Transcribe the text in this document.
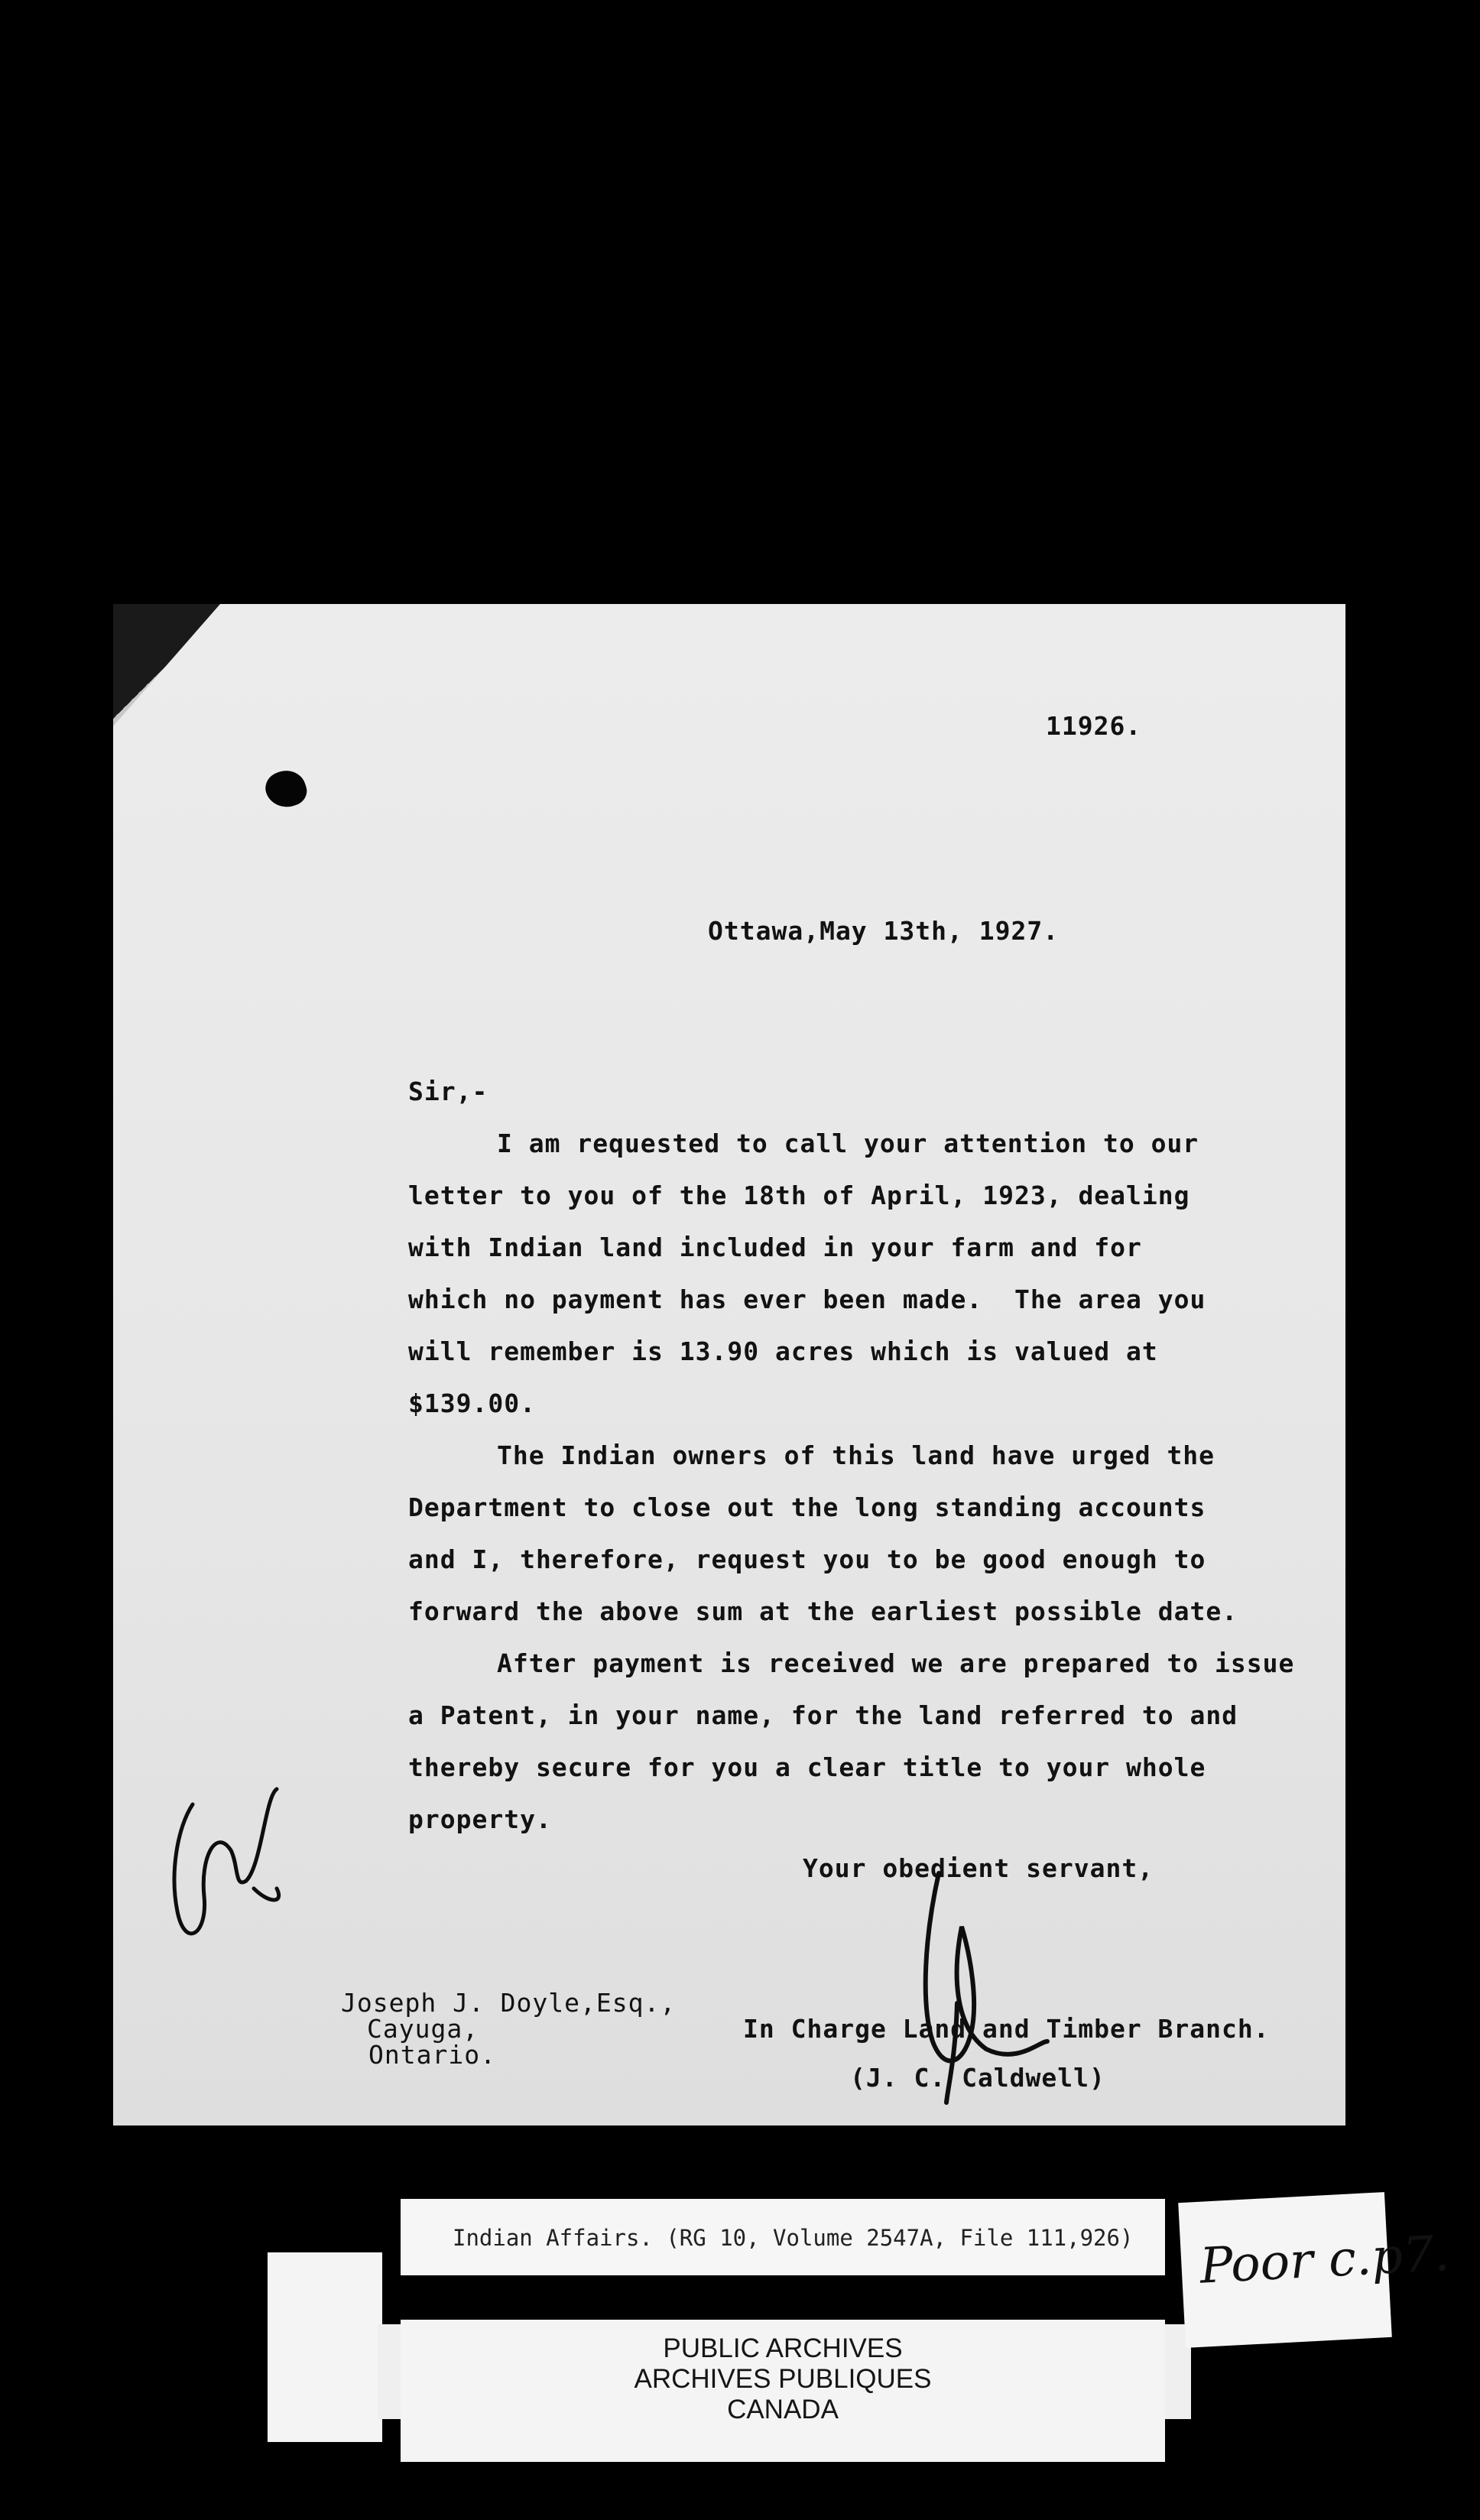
11926.
Ottawa,May 13th, 1927.
Sir,-
I am requested to call your attention to our
letter to you of the 18th of April, 1923, dealing
with Indian land included in your farm and for
which no payment has ever been made.  The area you
will remember is 13.90 acres which is valued at
$139.00.
The Indian owners of this land have urged the
Department to close out the long standing accounts
and I, therefore, request you to be good enough to
forward the above sum at the earliest possible date.
After payment is received we are prepared to issue
a Patent, in your name, for the land referred to and
thereby secure for you a clear title to your whole
property.
Your obedient servant,
Joseph J. Doyle,Esq.,
Cayuga,
Ontario.
In Charge Land and Timber Branch.
(J. C. Caldwell)
Indian Affairs. (RG 10, Volume 2547A, File 111,926)
PUBLIC ARCHIVES
ARCHIVES PUBLIQUES
CANADA
Poor c.p7.
